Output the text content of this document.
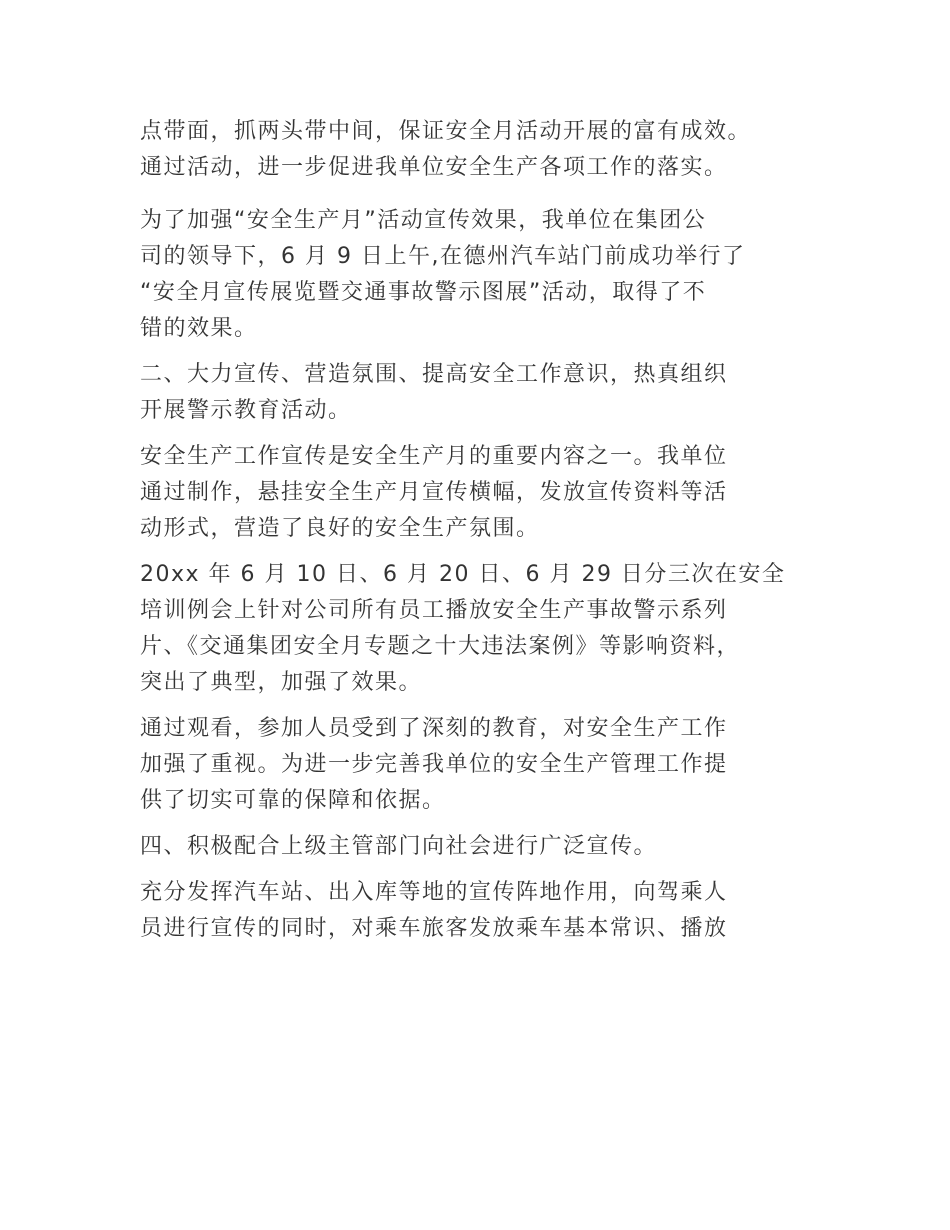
点带面，抓两头带中间，保证安全月活动开展的富有成效。
通过活动，进一步促进我单位安全生产各项工作的落实。

为了加强“安全生产月”活动宣传效果，我单位在集团公
司的领导下，6 月 9 日上午,在德州汽车站门前成功举行了
“安全月宣传展览暨交通事故警示图展”活动，取得了不
错的效果。

二、大力宣传、营造氛围、提高安全工作意识，热真组织
开展警示教育活动。

安全生产工作宣传是安全生产月的重要内容之一。我单位
通过制作，悬挂安全生产月宣传横幅，发放宣传资料等活
动形式，营造了良好的安全生产氛围。

20xx 年 6 月 10 日、6 月 20 日、6 月 29 日分三次在安全
培训例会上针对公司所有员工播放安全生产事故警示系列
片、《交通集团安全月专题之十大违法案例》等影响资料，
突出了典型，加强了效果。

通过观看，参加人员受到了深刻的教育，对安全生产工作
加强了重视。为进一步完善我单位的安全生产管理工作提
供了切实可靠的保障和依据。

四、积极配合上级主管部门向社会进行广泛宣传。

充分发挥汽车站、出入库等地的宣传阵地作用，向驾乘人
员进行宣传的同时，对乘车旅客发放乘车基本常识、播放
